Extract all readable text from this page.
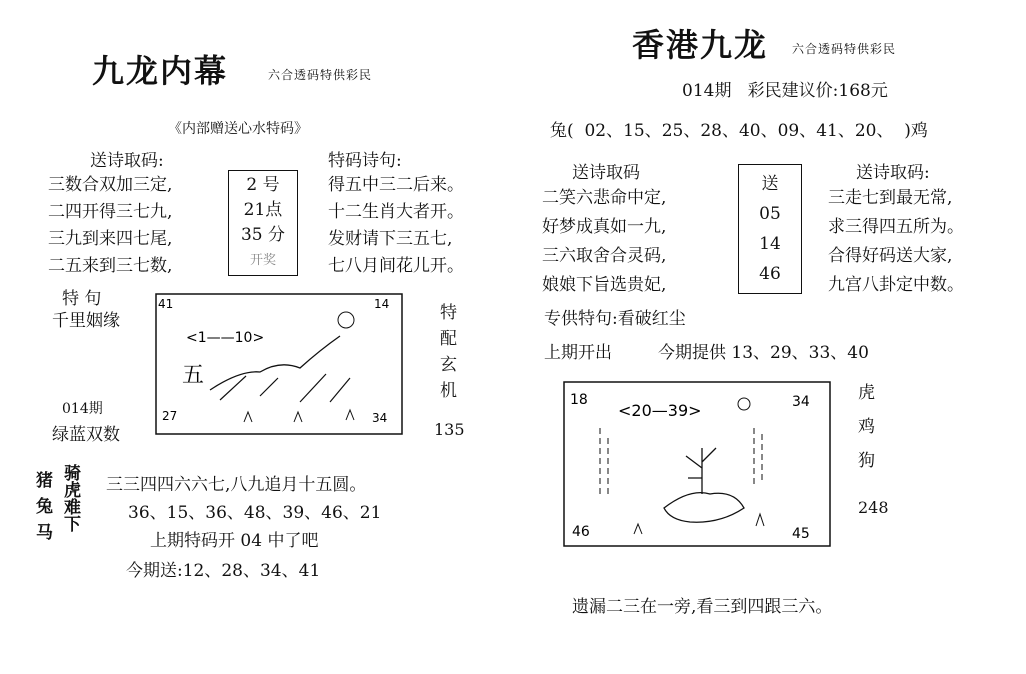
九龙内幕	六合透码特供彩民
《内部赠送心水特码》
送诗取码:	特码诗句:
三数合双加三定,
二四开得三七九,
三九到来四七尾,
二五来到三七数,
2 号
21点
35 分
开奖
得五中三二后来。
十二生肖大者开。
发财请下三五七,
七八月间花儿开。
特 句
千里姻缘
014期
绿蓝双数
41	14
27	34
<1——10>
五
特
配
玄
机
135
猪
兔
马
骑
虎
难
下
三三四四六六七,八九追月十五圆。
36、15、36、48、39、46、21
上期特码开 04 中了吧
今期送:12、28、34、41
香港九龙 六合透码特供彩民
014期   彩民建议价:168元
兔(  02、15、25、28、40、09、41、20、  )鸡
送诗取码	送诗取码:
二笑六悲命中定,
好梦成真如一九,
三六取舍合灵码,
娘娘下旨选贵妃,
送
05
14
46
三走七到最无常,
求三得四五所为。
合得好码送大家,
九宫八卦定中数。
专供特句:看破红尘
上期开出	今期提供 13、29、33、40
18	34
46	45
<20—39>
虎
鸡
狗
248
遗漏二三在一旁,看三到四跟三六。
